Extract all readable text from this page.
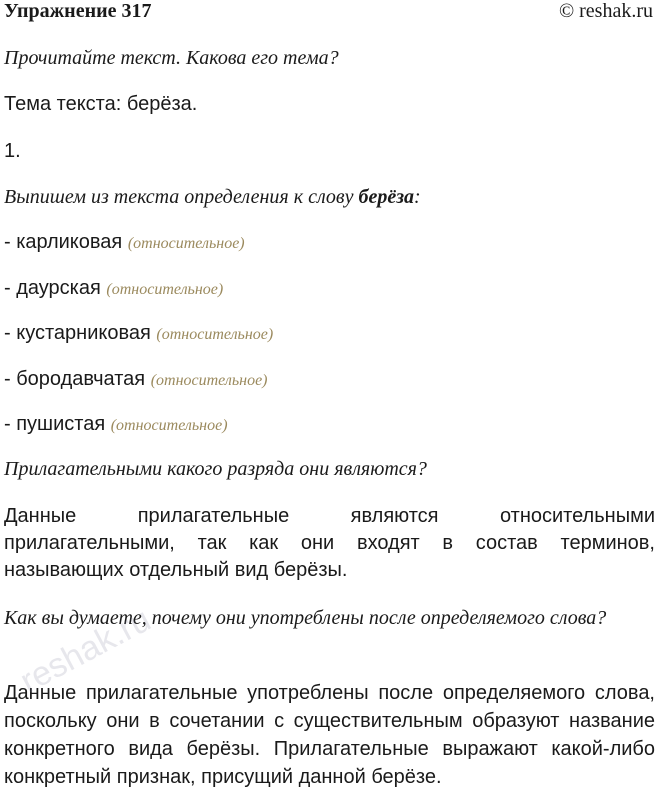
Упражнение 317	© reshak.ru

Прочитайте текст. Какова его тема?

Тема текста: берёза.

1.

Выпишем из текста определения к слову берёза:

- карликовая (относительное)
- даурская (относительное)
- кустарниковая (относительное)
- бородавчатая (относительное)
- пушистая (относительное)

Прилагательными какого разряда они являются?

Данные прилагательные являются относительными прилагательными, так как они входят в состав терминов, называющих отдельный вид берёзы.

Как вы думаете, почему они употреблены после определяемого слова?

Данные прилагательные употреблены после определяемого слова, поскольку они в сочетании с существительным образуют название конкретного вида берёзы. Прилагательные выражают какой-либо конкретный признак, присущий данной берёзе.

reshak.ru
